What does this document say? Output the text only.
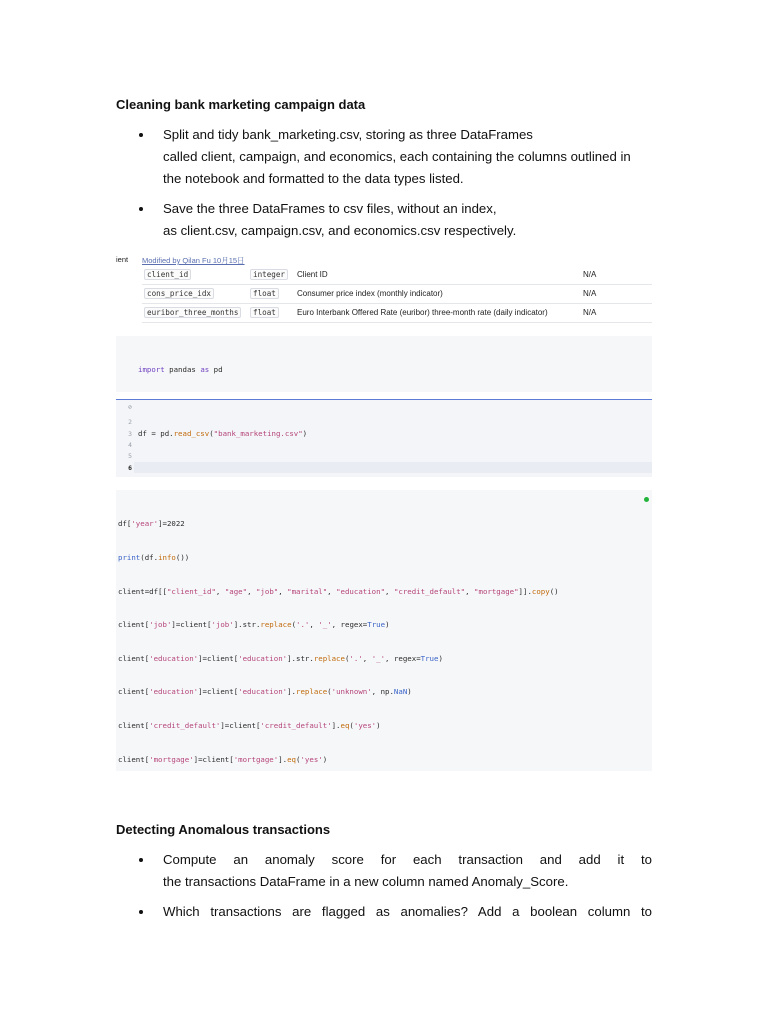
Cleaning bank marketing campaign data
Split and tidy bank_marketing.csv, storing as three DataFrames
called client, campaign, and economics, each containing the columns outlined in
the notebook and formatted to the data types listed.
Save the three DataFrames to csv files, without an index,
as client.csv, campaign.csv, and economics.csv respectively.
ient Modified by Qilan Fu 10月15日
client_id	integer	Client ID	N/A
cons_price_idx	float	Consumer price index (monthly indicator)	N/A
euribor_three_months	float	Euro Interbank Offered Rate (euribor) three-month rate (daily indicator)	N/A

import pandas as pd

⊘

2

3

4

5

6

df = pd.read_csv("bank_marketing.csv")

df['year']=2022

print(df.info())

client=df[["client_id", "age", "job", "marital", "education", "credit_default", "mortgage"]].copy()

client['job']=client['job'].str.replace('.', '_', regex=True)

client['education']=client['education'].str.replace('.', '_', regex=True)

client['education']=client['education'].replace('unknown', np.NaN)

client['credit_default']=client['credit_default'].eq('yes')

client['mortgage']=client['mortgage'].eq('yes')

Detecting Anomalous transactions
Compute an anomaly score for each transaction and add it to
the transactions DataFrame in a new column named Anomaly_Score.
Which transactions are flagged as anomalies? Add a boolean column to
